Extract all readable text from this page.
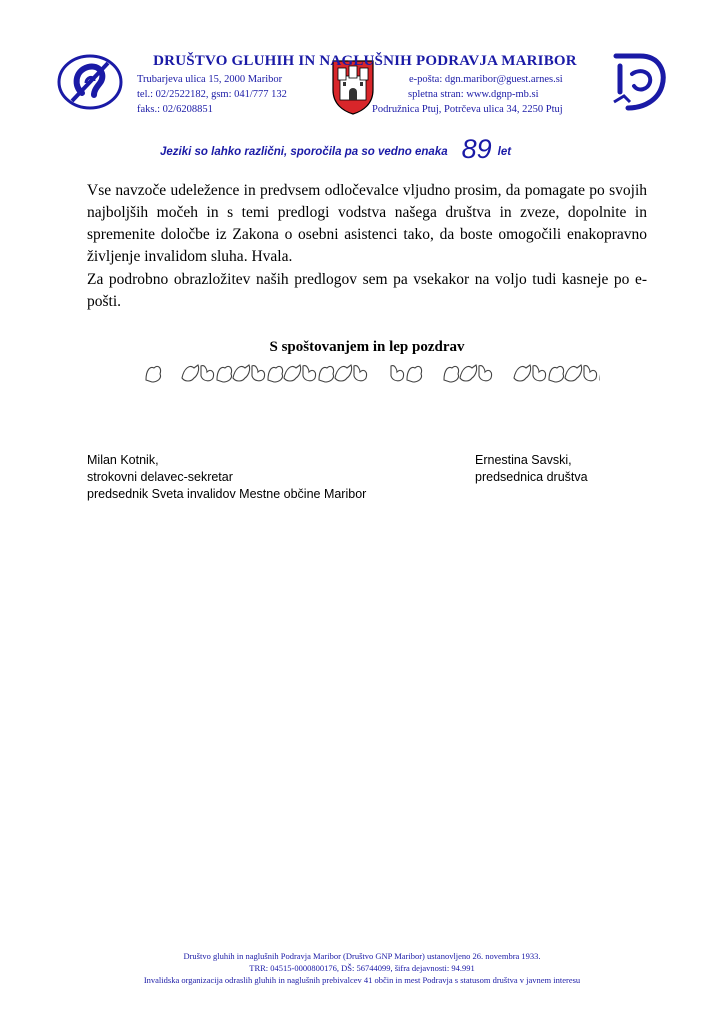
DRUŠTVO GLUHIH IN NAGLUŠNIH PODRAVJA MARIBOR
Trubarjeva ulica 15, 2000 Maribor
tel.: 02/2522182, gsm: 041/777 132
faks.: 02/6208851
e-pošta: dgn.maribor@guest.arnes.si
spletna stran: www.dgnp-mb.si
Podružnica Ptuj, Potrčeva ulica 34, 2250 Ptuj
Jeziki so lahko različni, sporočila pa so vedno enaka 89 let
Vse navzoče udeležence in predvsem odločevalce vljudno prosim, da pomagate po svojih najboljših močeh in s temi predlogi vodstva našega društva in zveze, dopolnite in spremenite določbe iz Zakona o osebni asistenci tako, da boste omogočili enakopravno življenje invalidom sluha. Hvala.
Za podrobno obrazložitev naših predlogov sem pa vsekakor na voljo tudi kasneje po e-pošti.
S spoštovanjem in lep pozdrav
Milan Kotnik,
strokovni delavec-sekretar
predsednik Sveta invalidov Mestne občine Maribor
Ernestina Savski,
predsednica društva
Društvo gluhih in naglušnih Podravja Maribor (Društvo GNP Maribor) ustanovljeno 26. novembra 1933.
TRR: 04515-0000800176, DŠ: 56744099, šifra dejavnosti: 94.991
Invalidska organizacija odraslih gluhih in naglušnih prebivalcev 41 občin in mest Podravja s statusom društva v javnem interesu
